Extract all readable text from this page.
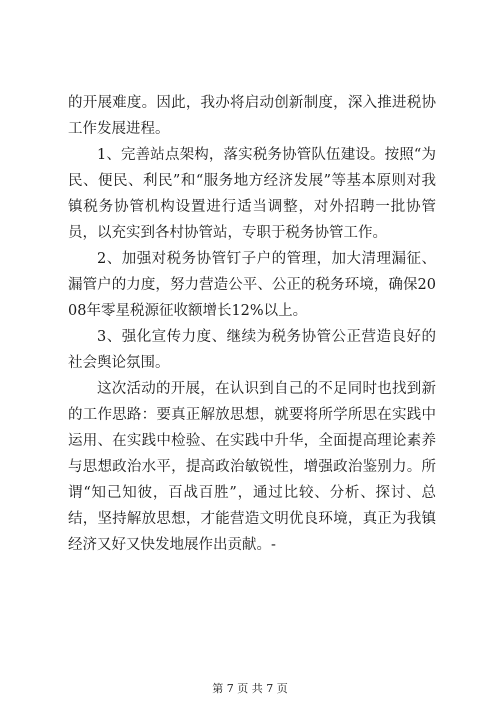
的开展难度。因此，我办将启动创新制度，深入推进税协工作发展进程。

1、完善站点架构，落实税务协管队伍建设。按照“为民、便民、利民”和“服务地方经济发展”等基本原则对我镇税务协管机构设置进行适当调整，对外招聘一批协管员，以充实到各村协管站，专职于税务协管工作。

2、加强对税务协管钉子户的管理，加大清理漏征、漏管户的力度，努力营造公平、公正的税务环境，确保2008年零星税源征收额增长12%以上。

3、强化宣传力度、继续为税务协管公正营造良好的社会舆论氛围。

这次活动的开展，在认识到自己的不足同时也找到新的工作思路：要真正解放思想，就要将所学所思在实践中运用、在实践中检验、在实践中升华，全面提高理论素养与思想政治水平，提高政治敏锐性，增强政治鉴别力。所谓“知己知彼，百战百胜”，通过比较、分析、探讨、总结，坚持解放思想，才能营造文明优良环境，真正为我镇经济又好又快发地展作出贡献。-

第 7 页 共 7 页
